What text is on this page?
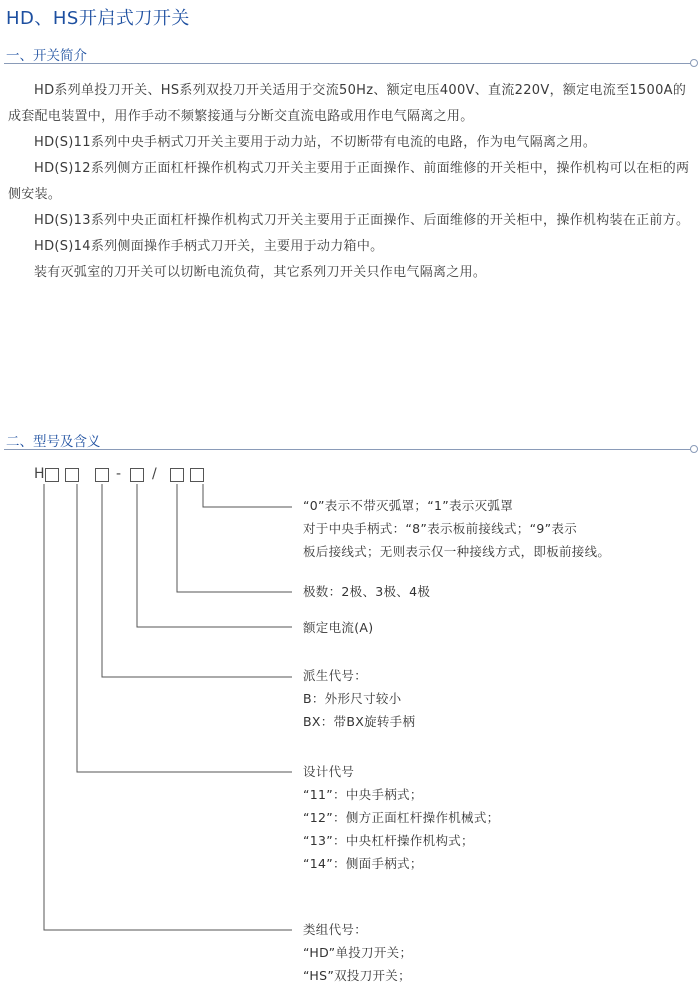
HD、HS开启式刀开关
一、开关简介

HD系列单投刀开关、HS系列双投刀开关适用于交流50Hz、额定电压400V、直流220V，额定电流至1500A的成套配电装置中，用作手动不频繁接通与分断交直流电路或用作电气隔离之用。

HD(S)11系列中央手柄式刀开关主要用于动力站，不切断带有电流的电路，作为电气隔离之用。

HD(S)12系列侧方正面杠杆操作机构式刀开关主要用于正面操作、前面维修的开关柜中，操作机构可以在柜的两侧安装。

HD(S)13系列中央正面杠杆操作机构式刀开关主要用于正面操作、后面维修的开关柜中，操作机构装在正前方。

HD(S)14系列侧面操作手柄式刀开关，主要用于动力箱中。

装有灭弧室的刀开关可以切断电流负荷，其它系列刀开关只作电气隔离之用。

二、型号及含义
H	- /
“0”表示不带灭弧罩；“1”表示灭弧罩
对于中央手柄式：“8”表示板前接线式；“9”表示
板后接线式；无则表示仅一种接线方式，即板前接线。
极数：2极、3极、4极
额定电流(A)
派生代号：
B：外形尺寸较小
BX：带BX旋转手柄
设计代号
“11”：中央手柄式；
“12”：侧方正面杠杆操作机械式；
“13”：中央杠杆操作机构式；
“14”：侧面手柄式；
类组代号：
“HD”单投刀开关；
“HS”双投刀开关；
